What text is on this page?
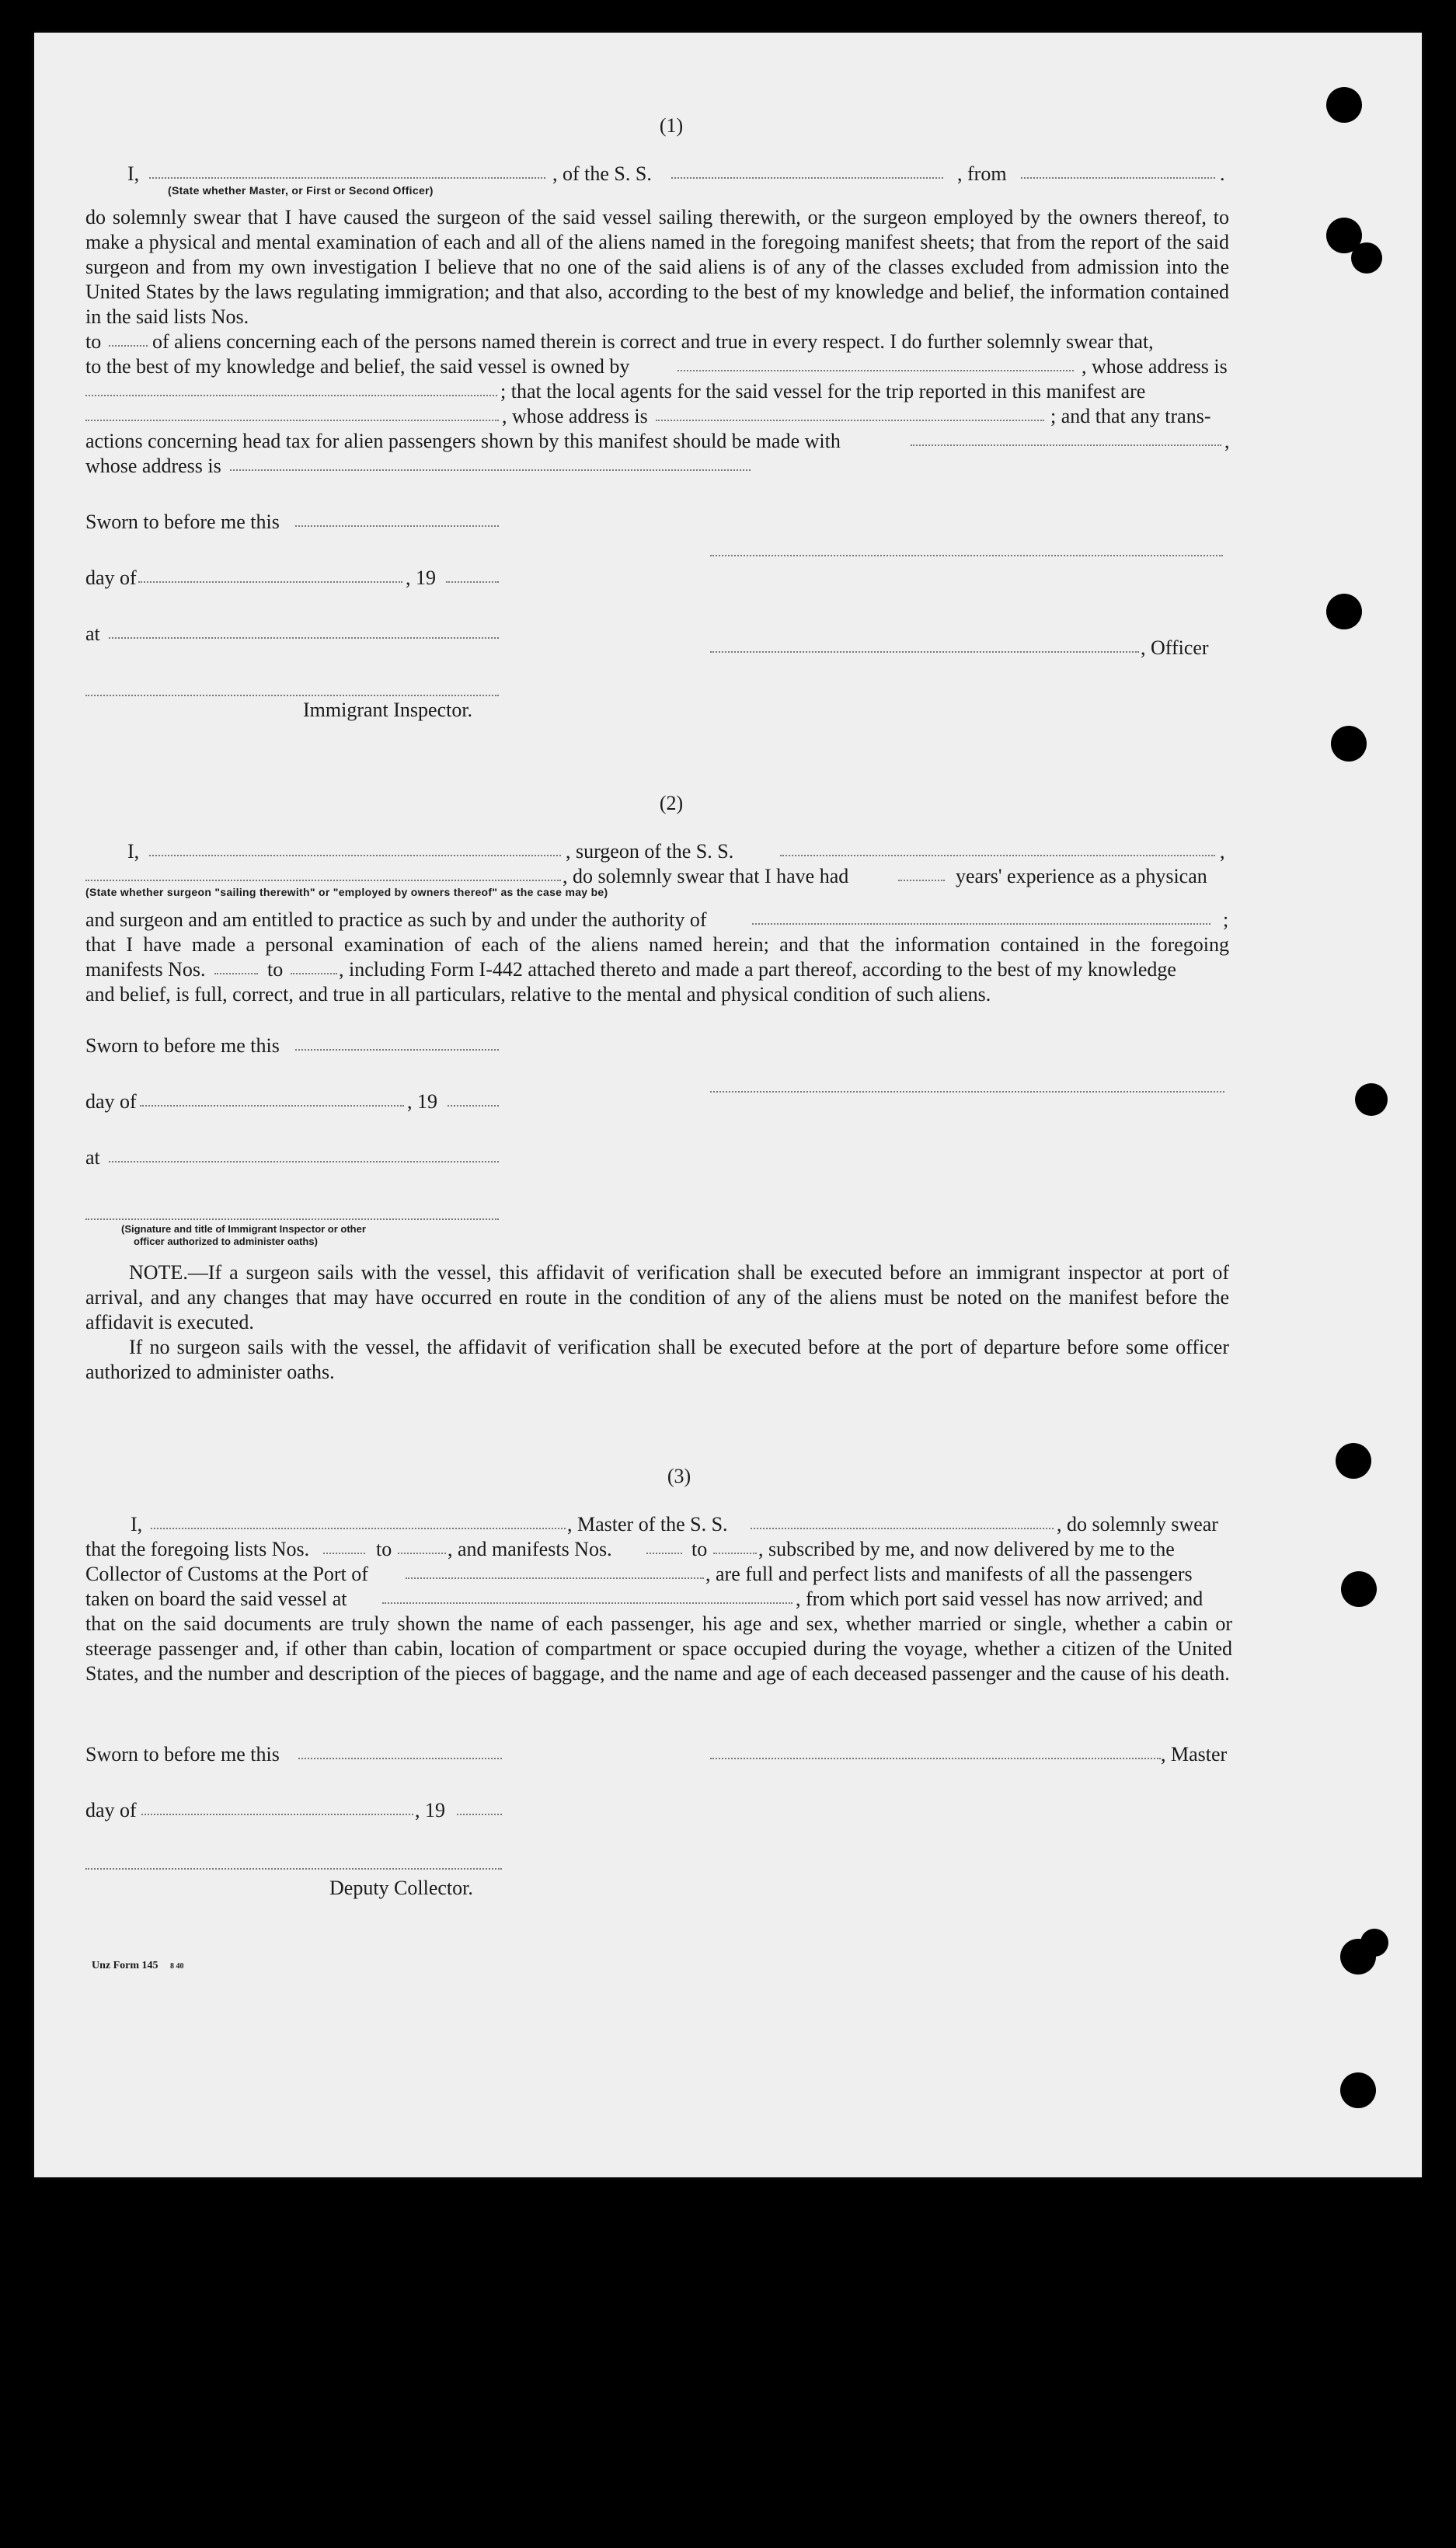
(1)
I,	, of the S. S.	, from	.
(State whether Master, or First or Second Officer)
do solemnly swear that I have caused the surgeon of the said vessel sailing therewith, or the surgeon employed by the owners thereof, to make a physical and mental examination of each and all of the aliens named in the foregoing manifest sheets; that from the report of the said surgeon and from my own investigation I believe that no one of the said aliens is of any of the classes excluded from admission into the United States by the laws regulating immigration; and that also, according to the best of my knowledge and belief, the information contained in the said lists Nos.
to	of aliens concerning each of the persons named therein is correct and true in every respect. I do further solemnly swear that,
to the best of my knowledge and belief, the said vessel is owned by	, whose address is
; that the local agents for the said vessel for the trip reported in this manifest are
, whose address is	; and that any trans-
actions concerning head tax for alien passengers shown by this manifest should be made with	,
whose address is
Sworn to before me this
day of	, 19
at
, Officer
Immigrant Inspector.
(2)
I,	, surgeon of the S. S.	,
, do solemnly swear that I have had	years' experience as a physican
(State whether surgeon "sailing therewith" or "employed by owners thereof" as the case may be)
and surgeon and am entitled to practice as such by and under the authority of	;
that I have made a personal examination of each of the aliens named herein; and that the information contained in the foregoing
manifests Nos.	to	, including Form I-442 attached thereto and made a part thereof, according to the best of my knowledge
and belief, is full, correct, and true in all particulars, relative to the mental and physical condition of such aliens.
Sworn to before me this
day of	, 19
at
(Signature and title of Immigrant Inspector or other
officer authorized to administer oaths)
NOTE.—If a surgeon sails with the vessel, this affidavit of verification shall be executed before an immigrant inspector at port of arrival, and any changes that may have occurred en route in the condition of any of the aliens must be noted on the manifest before the affidavit is executed.
If no surgeon sails with the vessel, the affidavit of verification shall be executed before at the port of departure before some officer authorized to administer oaths.
(3)
I,	, Master of the S. S.	, do solemnly swear
that the foregoing lists Nos.	to	, and manifests Nos.	to	, subscribed by me, and now delivered by me to the
Collector of Customs at the Port of	, are full and perfect lists and manifests of all the passengers
taken on board the said vessel at	, from which port said vessel has now arrived; and
that on the said documents are truly shown the name of each passenger, his age and sex, whether married or single, whether a cabin or steerage passenger and, if other than cabin, location of compartment or space occupied during the voyage, whether a citizen of the United States, and the number and description of the pieces of baggage, and the name and age of each deceased passenger and the cause of his death.
Sworn to before me this	, Master
day of	, 19
Deputy Collector.
Unz Form 145 8 40
